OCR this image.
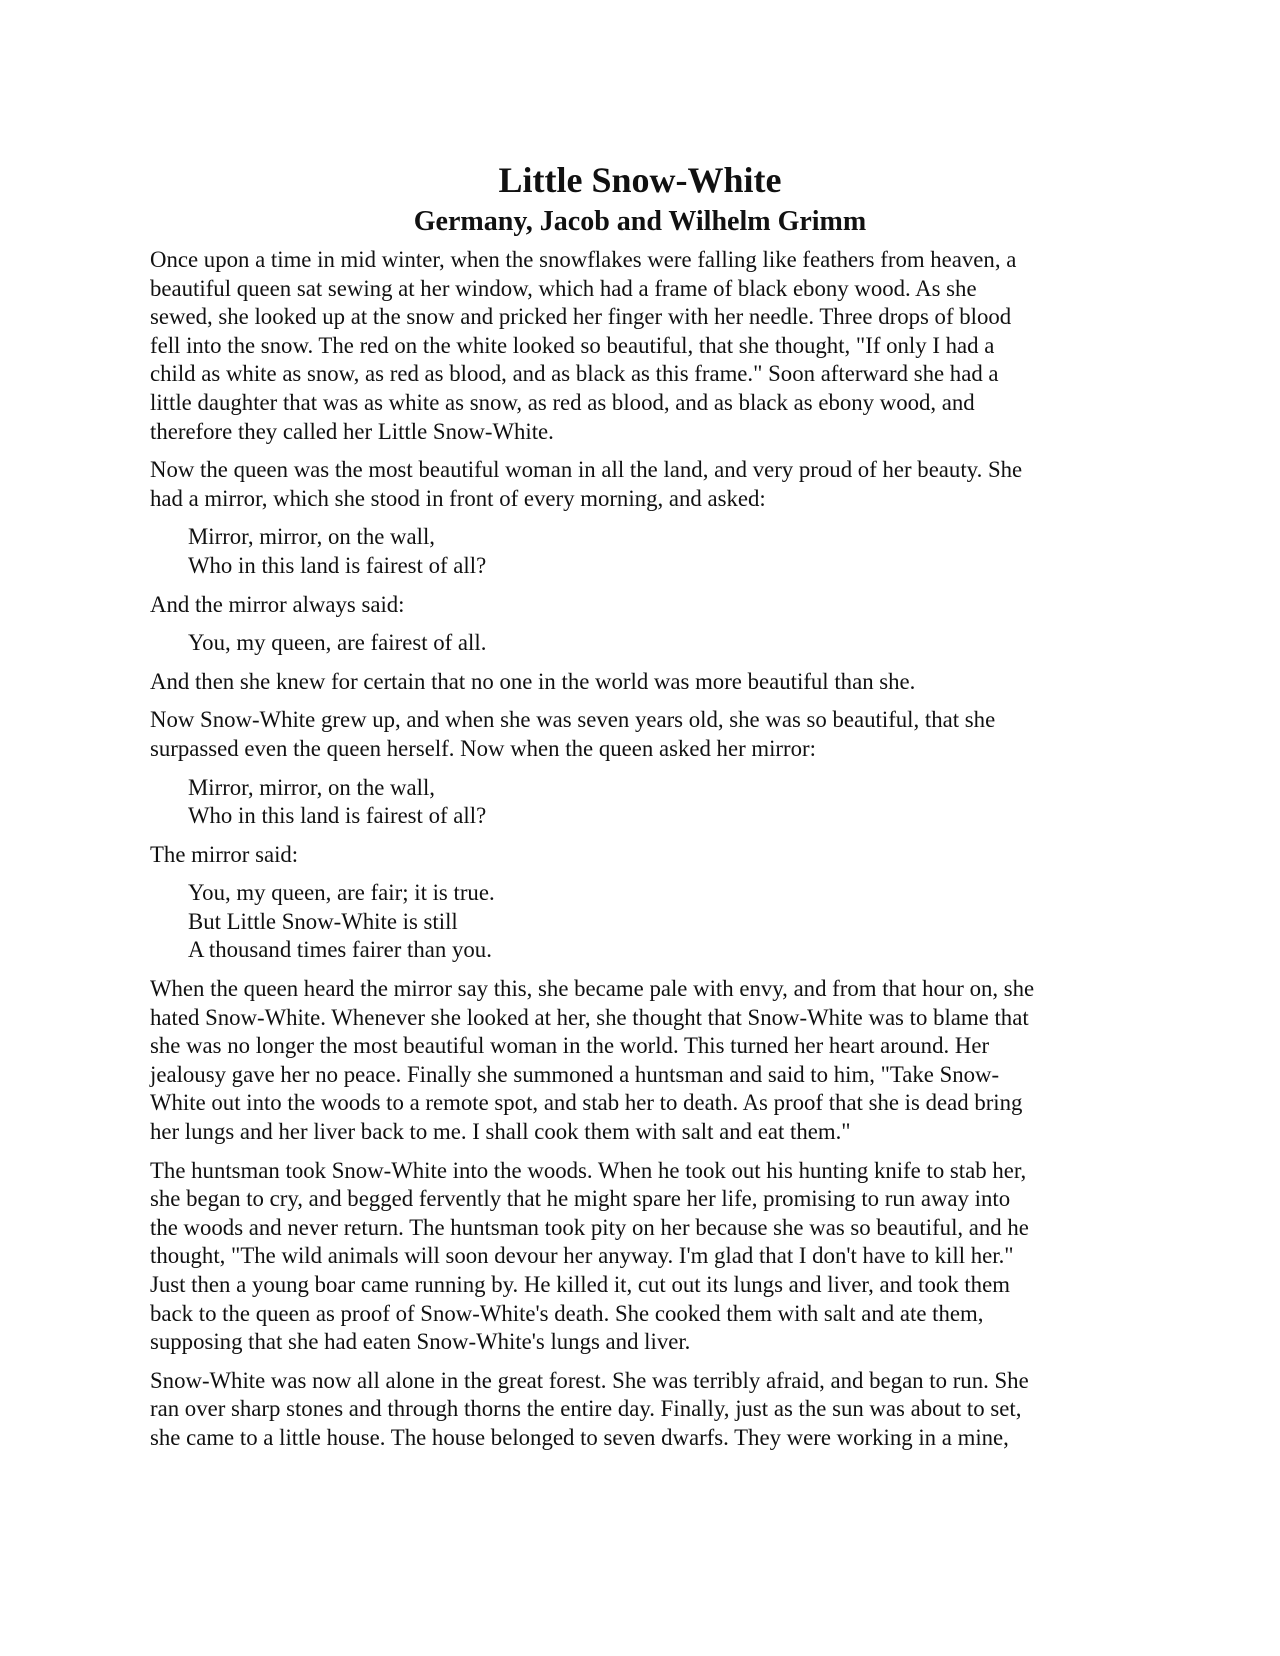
Little Snow-White
Germany, Jacob and Wilhelm Grimm
Once upon a time in mid winter, when the snowflakes were falling like feathers from heaven, a
beautiful queen sat sewing at her window, which had a frame of black ebony wood. As she
sewed, she looked up at the snow and pricked her finger with her needle. Three drops of blood
fell into the snow. The red on the white looked so beautiful, that she thought, "If only I had a
child as white as snow, as red as blood, and as black as this frame." Soon afterward she had a
little daughter that was as white as snow, as red as blood, and as black as ebony wood, and
therefore they called her Little Snow-White.
Now the queen was the most beautiful woman in all the land, and very proud of her beauty. She
had a mirror, which she stood in front of every morning, and asked:
Mirror, mirror, on the wall,
Who in this land is fairest of all?
And the mirror always said:
You, my queen, are fairest of all.
And then she knew for certain that no one in the world was more beautiful than she.
Now Snow-White grew up, and when she was seven years old, she was so beautiful, that she
surpassed even the queen herself. Now when the queen asked her mirror:
Mirror, mirror, on the wall,
Who in this land is fairest of all?
The mirror said:
You, my queen, are fair; it is true.
But Little Snow-White is still
A thousand times fairer than you.
When the queen heard the mirror say this, she became pale with envy, and from that hour on, she
hated Snow-White. Whenever she looked at her, she thought that Snow-White was to blame that
she was no longer the most beautiful woman in the world. This turned her heart around. Her
jealousy gave her no peace. Finally she summoned a huntsman and said to him, "Take Snow-
White out into the woods to a remote spot, and stab her to death. As proof that she is dead bring
her lungs and her liver back to me. I shall cook them with salt and eat them."
The huntsman took Snow-White into the woods. When he took out his hunting knife to stab her,
she began to cry, and begged fervently that he might spare her life, promising to run away into
the woods and never return. The huntsman took pity on her because she was so beautiful, and he
thought, "The wild animals will soon devour her anyway. I'm glad that I don't have to kill her."
Just then a young boar came running by. He killed it, cut out its lungs and liver, and took them
back to the queen as proof of Snow-White's death. She cooked them with salt and ate them,
supposing that she had eaten Snow-White's lungs and liver.
Snow-White was now all alone in the great forest. She was terribly afraid, and began to run. She
ran over sharp stones and through thorns the entire day. Finally, just as the sun was about to set,
she came to a little house. The house belonged to seven dwarfs. They were working in a mine,
